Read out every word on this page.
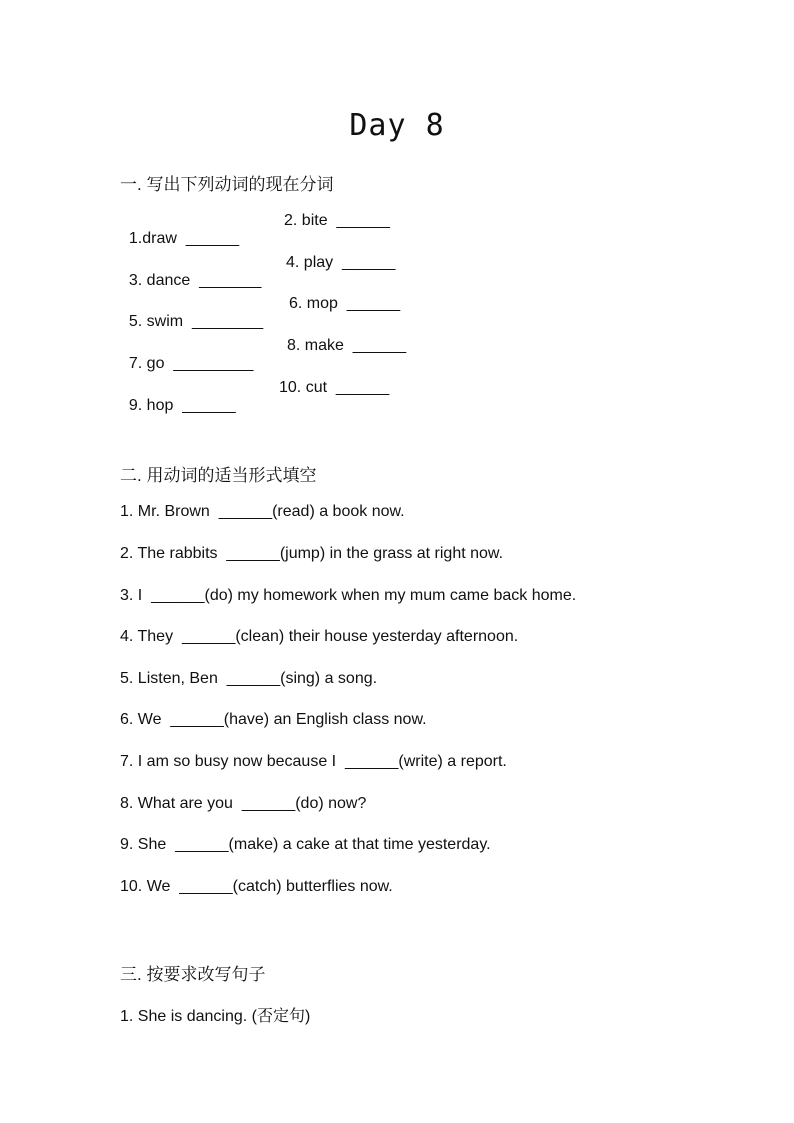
Day 8
一. 写出下列动词的现在分词

1.draw  ______

2. bite  ______

3. dance  _______

4. play  ______

5. swim  ________

6. mop  ______

7. go  _________

8. make  ______

9. hop  ______

10. cut  ______

二. 用动词的适当形式填空
1. Mr. Brown  ______(read) a book now.
2. The rabbits  ______(jump) in the grass at right now.
3. I  ______(do) my homework when my mum came back home.
4. They  ______(clean) their house yesterday afternoon.
5. Listen, Ben  ______(sing) a song.
6. We  ______(have) an English class now.
7. I am so busy now because I  ______(write) a report.
8. What are you  ______(do) now?
9. She  ______(make) a cake at that time yesterday.
10. We  ______(catch) butterflies now.
三. 按要求改写句子
1. She is dancing. (否定句)
